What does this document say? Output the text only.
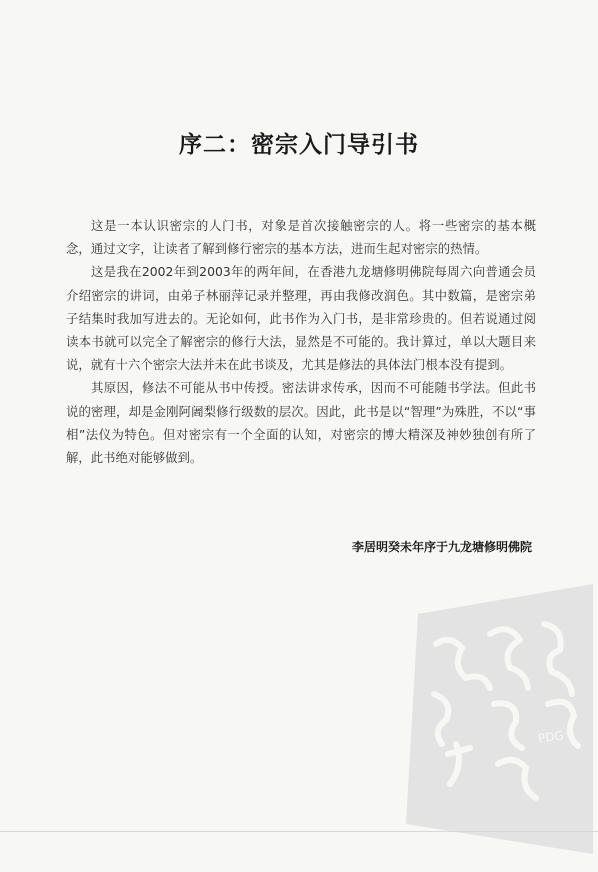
序二：密宗入门导引书

这是一本认识密宗的人门书，对象是首次接触密宗的人。将一些密宗的基本概念，通过文字，让读者了解到修行密宗的基本方法，进而生起对密宗的热情。

这是我在2002年到2003年的两年间，在香港九龙塘修明佛院每周六向普通会员介绍密宗的讲词，由弟子林丽萍记录并整理，再由我修改润色。其中数篇，是密宗弟子结集时我加写进去的。无论如何，此书作为入门书，是非常珍贵的。但若说通过阅读本书就可以完全了解密宗的修行大法，显然是不可能的。我计算过，单以大题目来说，就有十六个密宗大法并未在此书谈及，尤其是修法的具体法门根本没有提到。

其原因，修法不可能从书中传授。密法讲求传承，因而不可能随书学法。但此书说的密理，却是金刚阿阇梨修行级数的层次。因此，此书是以“智理”为殊胜，不以“事相”法仪为特色。但对密宗有一个全面的认知，对密宗的博大精深及神妙独创有所了解，此书绝对能够做到。

李居明癸未年序于九龙塘修明佛院
PDG
